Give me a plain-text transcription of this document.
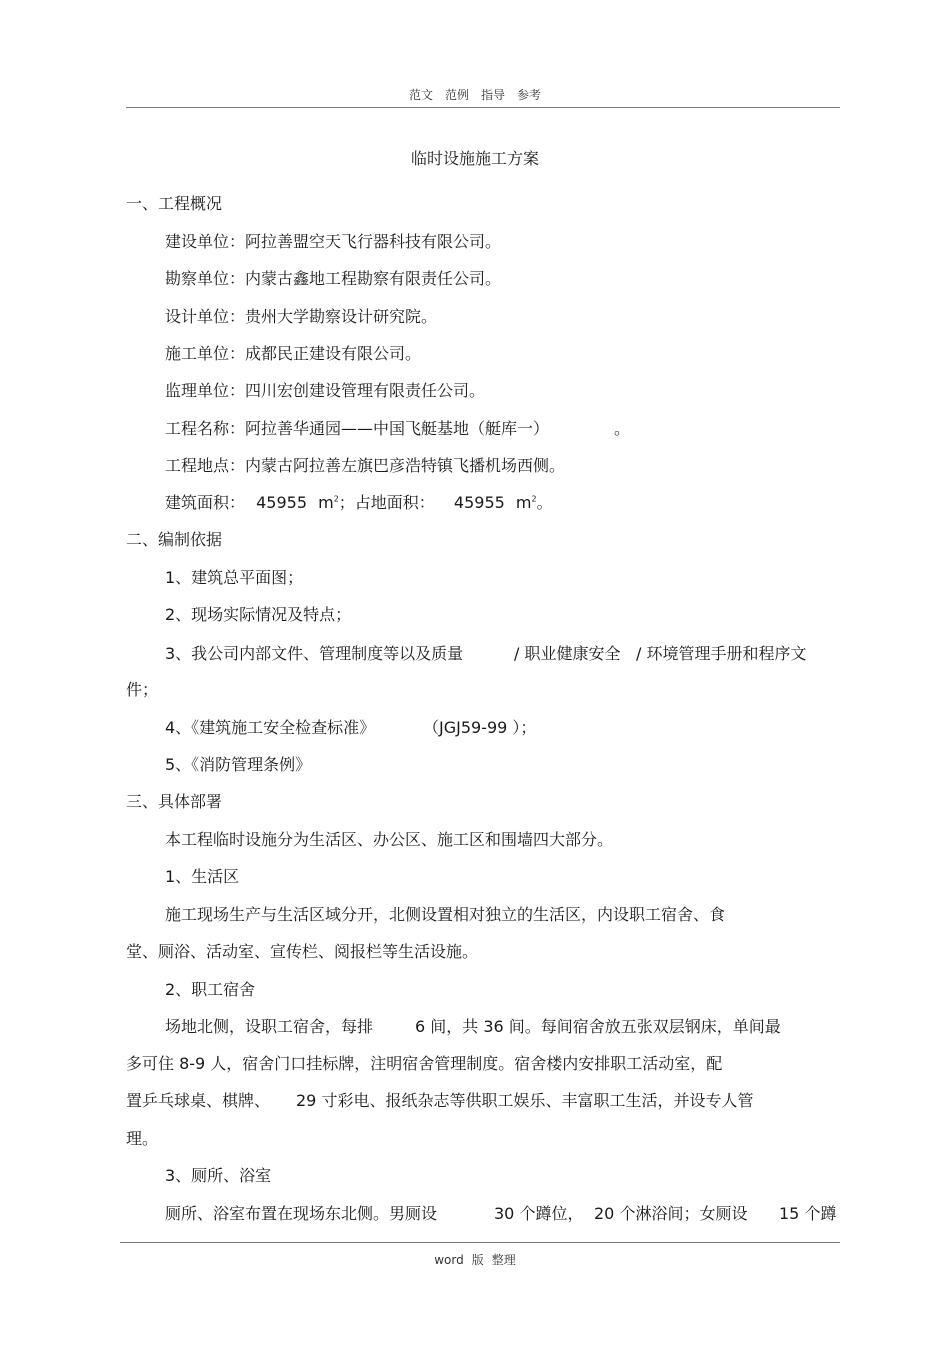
范文 范例 指导 参考
临时设施施工方案
一、工程概况
建设单位：阿拉善盟空天飞行器科技有限公司。
勘察单位：内蒙古鑫地工程勘察有限责任公司。
设计单位：贵州大学勘察设计研究院。
施工单位：成都民正建设有限公司。
监理单位：四川宏创建设管理有限责任公司。
工程名称：阿拉善华通园——中国飞艇基地（艇库一）	。
工程地点：内蒙古阿拉善左旗巴彦浩特镇飞播机场西侧。
建筑面积： 45955 $m^2$；占地面积： 45955 $m^2$。
二、编制依据
1、建筑总平面图；
2、现场实际情况及特点；
3、我公司内部文件、管理制度等以及质量	/ 职业健康安全 / 环境管理手册和程序文
件；
4、《建筑施工安全检查标准》	（JGJ59-99 ）；
5、《消防管理条例》
三、具体部署
本工程临时设施分为生活区、办公区、施工区和围墙四大部分。
1、生活区
施工现场生产与生活区域分开，北侧设置相对独立的生活区，内设职工宿舍、食
堂、厕浴、活动室、宣传栏、阅报栏等生活设施。
2、职工宿舍
场地北侧，设职工宿舍，每排	6 间，共 36 间。每间宿舍放五张双层钢床，单间最
多可住 8-9 人，宿舍门口挂标牌，注明宿舍管理制度。宿舍楼内安排职工活动室，配
置乒乓球桌、棋牌、 29 寸彩电、报纸杂志等供职工娱乐、丰富职工生活，并设专人管
理。
3、厕所、浴室
厕所、浴室布置在现场东北侧。男厕设	30 个蹲位， 20 个淋浴间；女厕设 15 个蹲
word 版 整理
